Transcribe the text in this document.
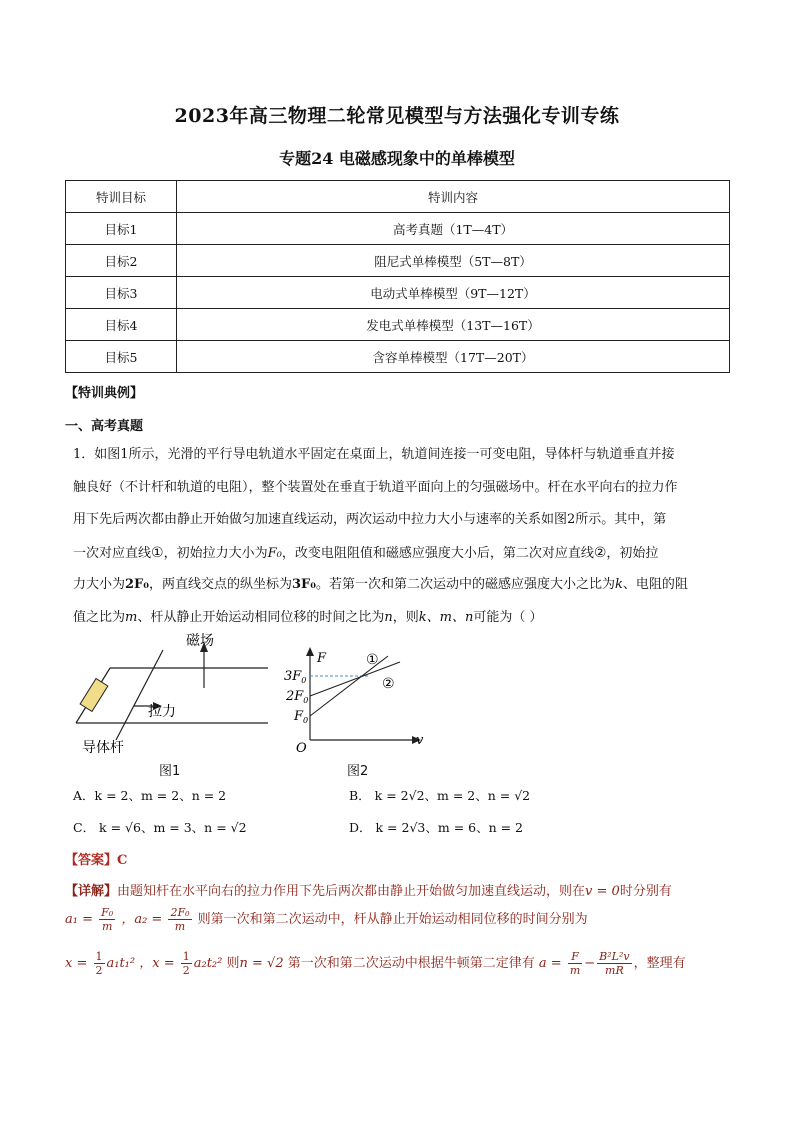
2023年高三物理二轮常见模型与方法强化专训专练
专题24 电磁感现象中的单棒模型
特训目标	特训内容
目标1	高考真题（1T—4T）
目标2	阻尼式单棒模型（5T—8T）
目标3	电动式单棒模型（9T—12T）
目标4	发电式单棒模型（13T—16T）
目标5	含容单棒模型（17T—20T）
【特训典例】
一、高考真题
1．如图1所示，光滑的平行导电轨道水平固定在桌面上，轨道间连接一可变电阻，导体杆与轨道垂直并接
触良好（不计杆和轨道的电阻），整个装置处在垂直于轨道平面向上的匀强磁场中。杆在水平向右的拉力作
用下先后两次都由静止开始做匀加速直线运动，两次运动中拉力大小与速率的关系如图2所示。其中，第
一次对应直线①，初始拉力大小为F₀，改变电阻阻值和磁感应强度大小后，第二次对应直线②，初始拉
力大小为2F₀，两直线交点的纵坐标为3F₀。若第一次和第二次运动中的磁感应强度大小之比为k、电阻的阻
值之比为m、杆从静止开始运动相同位移的时间之比为n，则k、m、n可能为（ ）
磁场
拉力
导体杆
图1
F
v
O
$3F_0$
$2F_0$
$F_0$
①
②
图2
A．k = 2、m = 2、n = 2	B． k = 2√2、m = 2、n = √2
C． k = √6、m = 3、n = √2	D． k = 2√3、m = 6、n = 2
【答案】C
【详解】由题知杆在水平向右的拉力作用下先后两次都由静止开始做匀加速直线运动，则在v = 0时分别有
$a_1 = \frac{\text{F₀}}{m}$ ，$a_2 = \frac{\text{2F₀}}{m}$ 则第一次和第二次运动中，杆从静止开始运动相同位移的时间分别为
$x = \frac{1}{2} a_1t_1^2$ ，$x = \frac{1}{2} a_2t_2^2$ 则n = √2 第一次和第二次运动中根据牛顿第二定律有 $a = \frac{F}{m} - \frac{\text{B²L²v}}{mR}$ ，整理有
